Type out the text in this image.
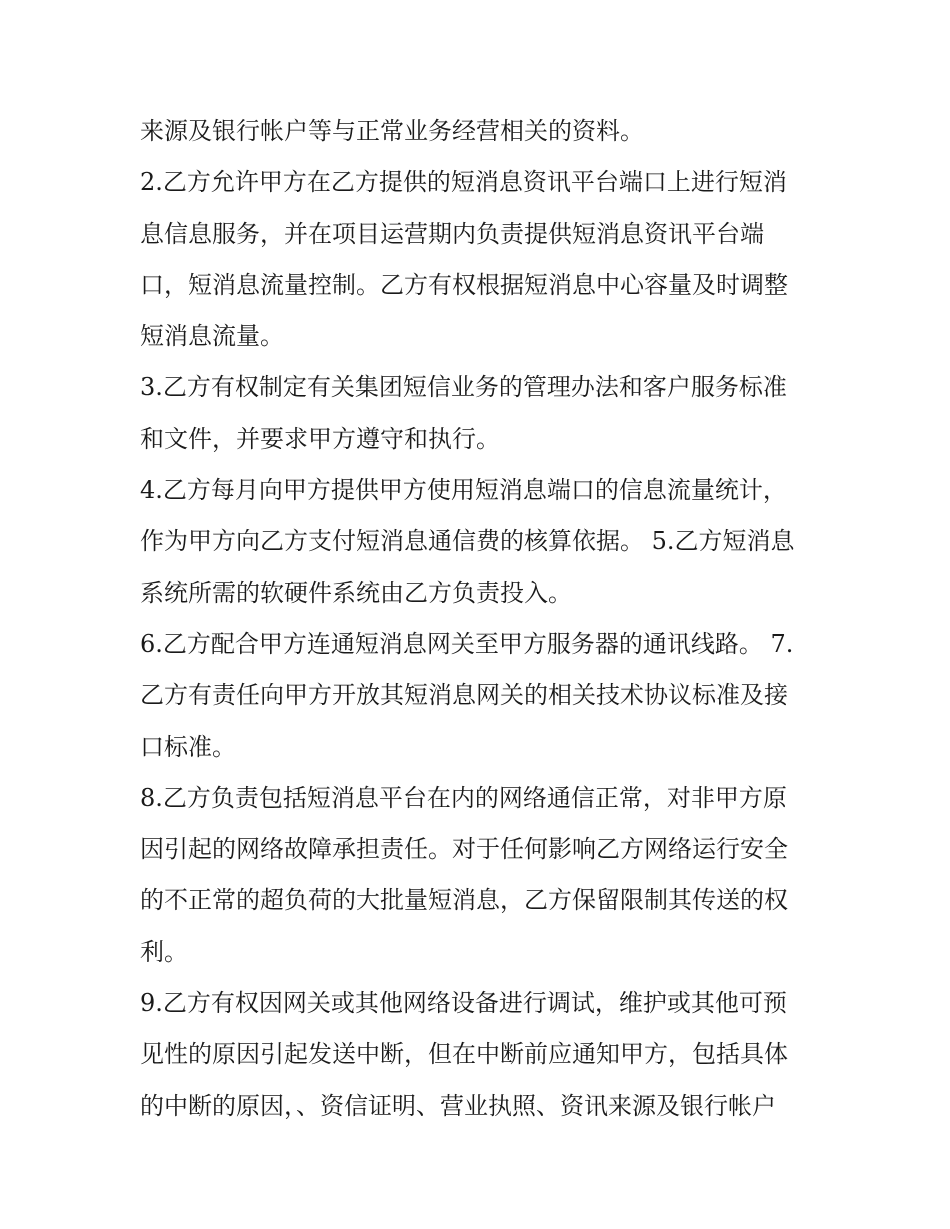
来源及银行帐户等与正常业务经营相关的资料。
2.乙方允许甲方在乙方提供的短消息资讯平台端口上进行短消
息信息服务，并在项目运营期内负责提供短消息资讯平台端
口，短消息流量控制。乙方有权根据短消息中心容量及时调整
短消息流量。
3.乙方有权制定有关集团短信业务的管理办法和客户服务标准
和文件，并要求甲方遵守和执行。
4.乙方每月向甲方提供甲方使用短消息端口的信息流量统计，
作为甲方向乙方支付短消息通信费的核算依据。 5.乙方短消息
系统所需的软硬件系统由乙方负责投入。
6.乙方配合甲方连通短消息网关至甲方服务器的通讯线路。 7.
乙方有责任向甲方开放其短消息网关的相关技术协议标准及接
口标准。
8.乙方负责包括短消息平台在内的网络通信正常，对非甲方原
因引起的网络故障承担责任。对于任何影响乙方网络运行安全
的不正常的超负荷的大批量短消息，乙方保留限制其传送的权
利。
9.乙方有权因网关或其他网络设备进行调试，维护或其他可预
见性的原因引起发送中断，但在中断前应通知甲方，包括具体
的中断的原因，、资信证明、营业执照、资讯来源及银行帐户
